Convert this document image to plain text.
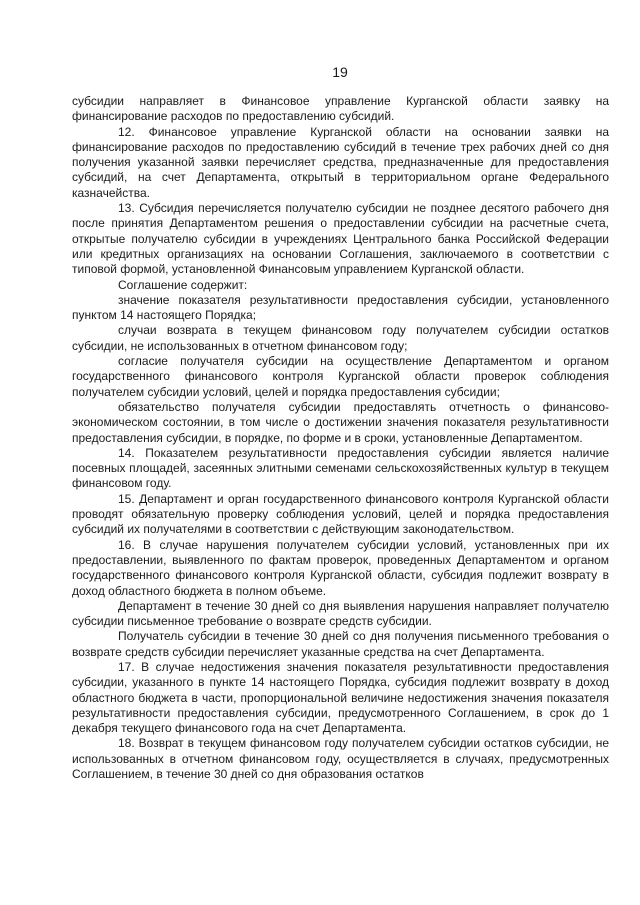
19

субсидии направляет в Финансовое управление Курганской области заявку на финансирование расходов по предоставлению субсидий.

12. Финансовое управление Курганской области на основании заявки на финансирование расходов по предоставлению субсидий в течение трех рабочих дней со дня получения указанной заявки перечисляет средства, предназначенные для предоставления субсидий, на счет Департамента, открытый в территориальном органе Федерального казначейства.

13. Субсидия перечисляется получателю субсидии не позднее десятого рабочего дня после принятия Департаментом решения о предоставлении субсидии на расчетные счета, открытые получателю субсидии в учреждениях Центрального банка Российской Федерации или кредитных организациях на основании Соглашения, заключаемого в соответствии с типовой формой, установленной Финансовым управлением Курганской области.

Соглашение содержит:

значение показателя результативности предоставления субсидии, установленного пунктом 14 настоящего Порядка;

случаи возврата в текущем финансовом году получателем субсидии остатков субсидии, не использованных в отчетном финансовом году;

согласие получателя субсидии на осуществление Департаментом и органом государственного финансового контроля Курганской области проверок соблюдения получателем субсидии условий, целей и порядка предоставления субсидии;

обязательство получателя субсидии предоставлять отчетность о финансово-экономическом состоянии, в том числе о достижении значения показателя результативности предоставления субсидии, в порядке, по форме и в сроки, установленные Департаментом.

14. Показателем результативности предоставления субсидии является наличие посевных площадей, засеянных элитными семенами сельскохозяйственных культур в текущем финансовом году.

15. Департамент и орган государственного финансового контроля Курганской области проводят обязательную проверку соблюдения условий, целей и порядка предоставления субсидий их получателями в соответствии с действующим законодательством.

16. В случае нарушения получателем субсидии условий, установленных при их предоставлении, выявленного по фактам проверок, проведенных Департаментом и органом государственного финансового контроля Курганской области, субсидия подлежит возврату в доход областного бюджета в полном объеме.

Департамент в течение 30 дней со дня выявления нарушения направляет получателю субсидии письменное требование о возврате средств субсидии.

Получатель субсидии в течение 30 дней со дня получения письменного требования о возврате средств субсидии перечисляет указанные средства на счет Департамента.

17. В случае недостижения значения показателя результативности предоставления субсидии, указанного в пункте 14 настоящего Порядка, субсидия подлежит возврату в доход областного бюджета в части, пропорциональной величине недостижения значения показателя результативности предоставления субсидии, предусмотренного Соглашением, в срок до 1 декабря текущего финансового года на счет Департамента.

18. Возврат в текущем финансовом году получателем субсидии остатков субсидии, не использованных в отчетном финансовом году, осуществляется в случаях, предусмотренных Соглашением, в течение 30 дней со дня образования остатков
